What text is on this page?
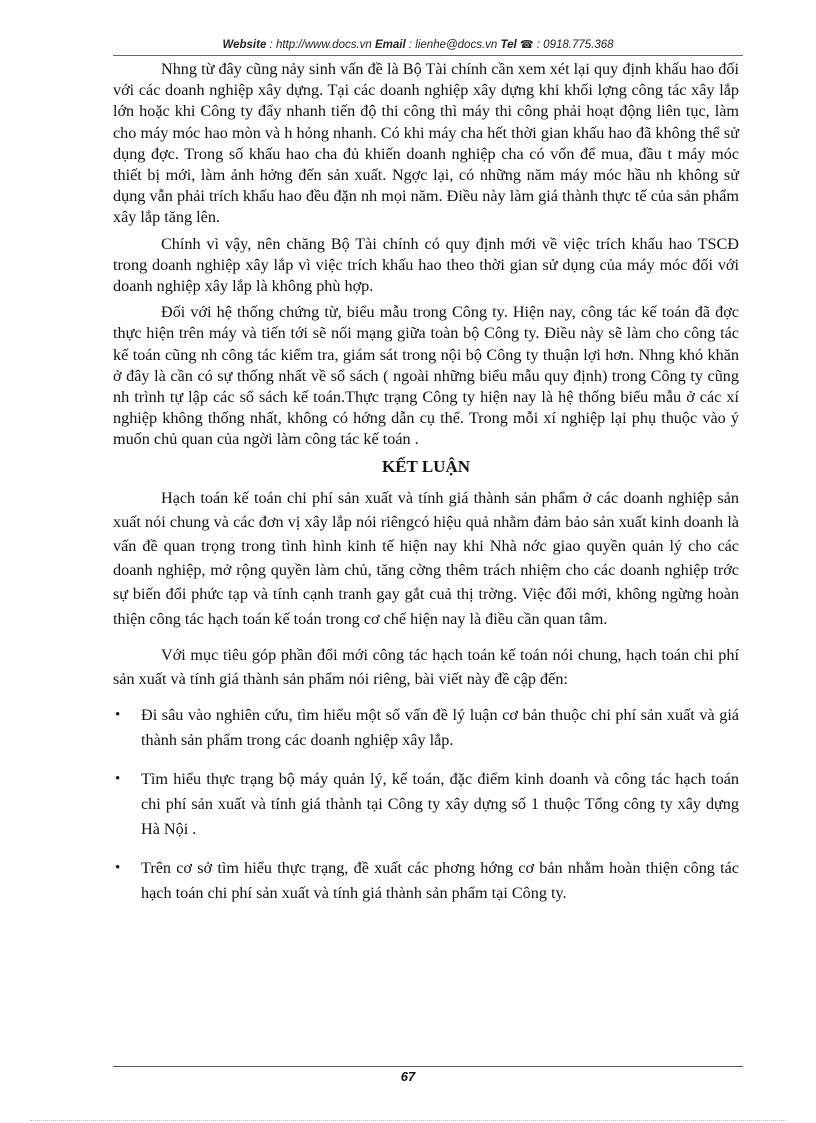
Website : http://www.docs.vn Email : lienhe@docs.vn Tel ☎ : 0918.775.368

Nhng từ đây cũng nảy sinh vấn đề là Bộ Tài chính cần xem xét lại quy định khấu hao đối với các doanh nghiệp xây dựng. Tại các doanh nghiệp xây dựng khi khối lợng công tác xây lắp lớn hoặc khi Công ty đẩy nhanh tiến độ thi công thì máy thi công phải hoạt động liên tục, làm cho máy móc hao mòn và h hỏng nhanh. Có khi máy cha hết thời gian khấu hao đã không thể sử dụng đợc. Trong số khấu hao cha đủ khiến doanh nghiệp cha có vốn để mua, đầu t máy móc thiết bị mới, làm ảnh hởng đến sản xuất. Ngợc lại, có những năm máy móc hầu nh không sử dụng vẫn phải trích khấu hao đều đặn nh mọi năm. Điều này làm giá thành thực tế của sản phẩm xây lắp tăng lên.

Chính vì vậy, nên chăng Bộ Tài chính có quy định mới về việc trích khấu hao TSCĐ trong doanh nghiệp xây lắp vì việc trích khấu hao theo thời gian sử dụng của máy móc đối với doanh nghiệp xây lắp là không phù hợp.

Đối với hệ thống chứng từ, biểu mẫu trong Công ty. Hiện nay, công tác kế toán đã đợc thực hiện trên máy và tiến tới sẽ nối mạng giữa toàn bộ Công ty. Điều này sẽ làm cho công tác kế toán cũng nh công tác kiểm tra, giám sát trong nội bộ Công ty thuận lợi hơn. Nhng khó khăn ở đây là cần có sự thống nhất về sổ sách ( ngoài những biểu mẫu quy định) trong Công ty cũng nh trình tự lập các sổ sách kế toán.Thực trạng Công ty hiện nay là hệ thống biểu mẫu ở các xí nghiệp không thống nhất, không có hớng dẫn cụ thể. Trong mỗi xí nghiệp lại phụ thuộc vào ý muốn chủ quan của ngời làm công tác kế toán .

KẾT LUẬN

Hạch toán kế toán chi phí sản xuất và tính giá thành sản phẩm ở các doanh nghiệp sản xuất nói chung và các đơn vị xây lắp nói riêngcó hiệu quả nhằm đảm bảo sản xuất kinh doanh là vấn đề quan trọng trong tình hình kinh tế hiện nay khi Nhà nớc giao quyền quản lý cho các doanh nghiệp, mở rộng quyền làm chủ, tăng cờng thêm trách nhiệm cho các doanh nghiệp trớc sự biến đổi phức tạp và tính cạnh tranh gay gắt cuả thị trờng. Việc đổi mới, không ngừng hoàn thiện công tác hạch toán kế toán trong cơ chế hiện nay là điều cần quan tâm.

Với mục tiêu góp phần đổi mới công tác hạch toán kế toán nói chung, hạch toán chi phí sản xuất và tính giá thành sản phẩm nói riêng, bài viết này đề cập đến:

• Đi sâu vào nghiên cứu, tìm hiểu một số vấn đề lý luận cơ bản thuộc chi phí sản xuất và giá thành sản phẩm trong các doanh nghiệp xây lắp.
• Tìm hiểu thực trạng bộ máy quản lý, kế toán, đặc điểm kinh doanh và công tác hạch toán chi phí sản xuất và tính giá thành tại Công ty xây dựng số 1 thuộc Tổng công ty xây dựng Hà Nội .
• Trên cơ sở tìm hiểu thực trạng, đề xuất các phơng hớng cơ bản nhằm hoàn thiện công tác hạch toán chi phí sản xuất và tính giá thành sản phẩm tại Công ty.
67
